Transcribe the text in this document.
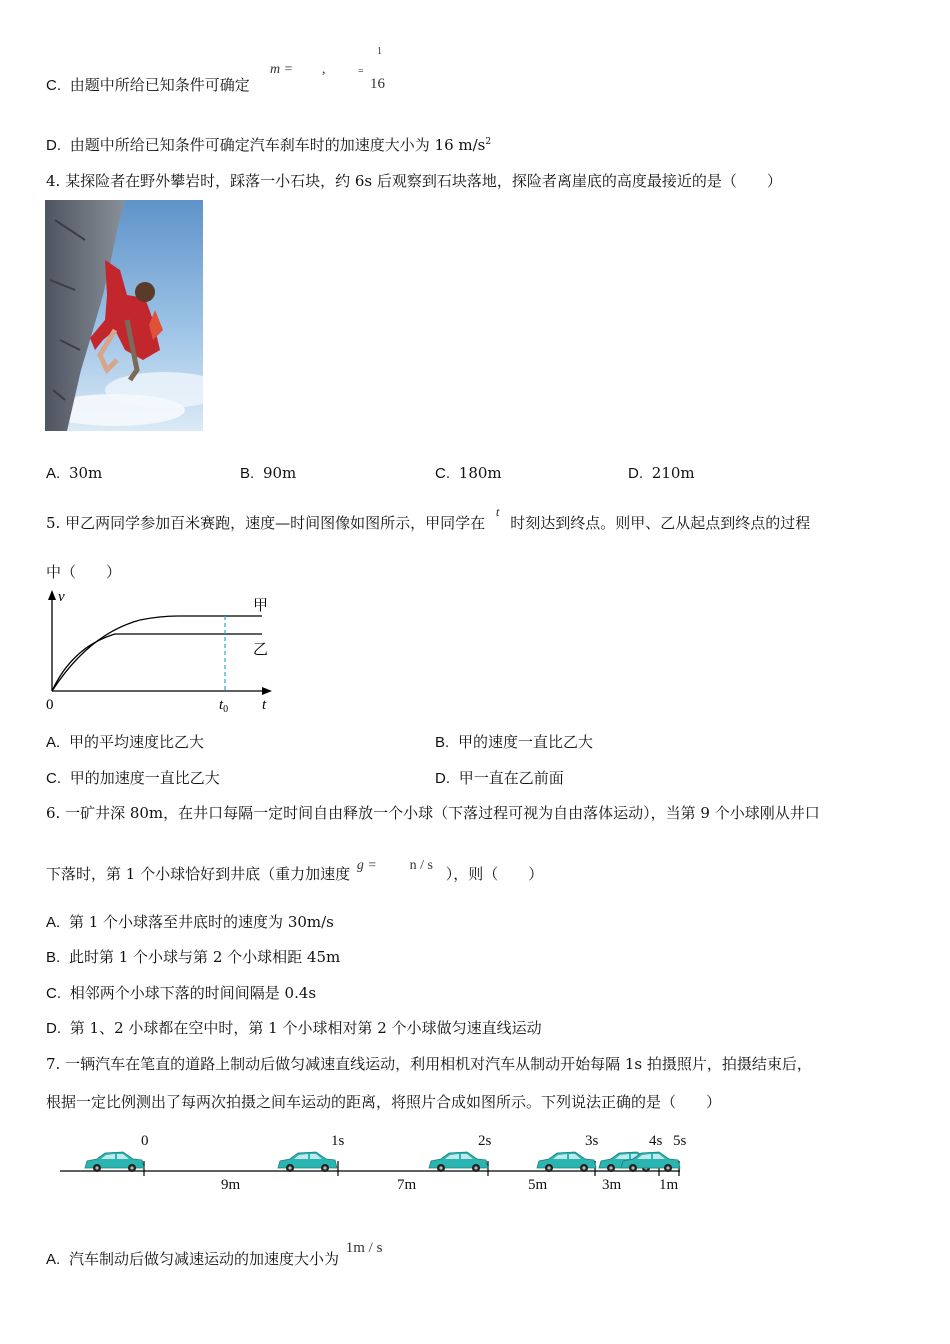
C. 由题中所给已知条件可确定
m = ,	=
1
16
D. 由题中所给已知条件可确定汽车刹车时的加速度大小为 16 $m/s^2$
4. 某探险者在野外攀岩时，踩落一小石块，约 6s 后观察到石块落地，探险者离崖底的高度最接近的是（　　）
A. 30m	B. 90m	C. 180m	D. 210m
5. 甲乙两同学参加百米赛跑，速度—时间图像如图所示，甲同学在 t 时刻达到终点。则甲、乙从起点到终点的过程
中（　　）
v
甲
乙
0	$t_0$ t
A. 甲的平均速度比乙大	B. 甲的速度一直比乙大
C. 甲的加速度一直比乙大	D. 甲一直在乙前面
6. 一矿井深 80m，在井口每隔一定时间自由释放一个小球（下落过程可视为自由落体运动），当第 9 个小球刚从井口
下落时，第 1 个小球恰好到井底（重力加速度 g = n / s ），则（　　）
A. 第 1 个小球落至井底时的速度为 30m/s
B. 此时第 1 个小球与第 2 个小球相距 45m
C. 相邻两个小球下落的时间间隔是 0.4s
D. 第 1、2 小球都在空中时，第 1 个小球相对第 2 个小球做匀速直线运动
7. 一辆汽车在笔直的道路上制动后做匀减速直线运动，利用相机对汽车从制动开始每隔 1s 拍摄照片，拍摄结束后，
根据一定比例测出了每两次拍摄之间车运动的距离，将照片合成如图所示。下列说法正确的是（　　）
0	1s	2s	3s	4s 5s
9m	7m	5m	3m	1m
A. 汽车制动后做匀减速运动的加速度大小为 1m / s
